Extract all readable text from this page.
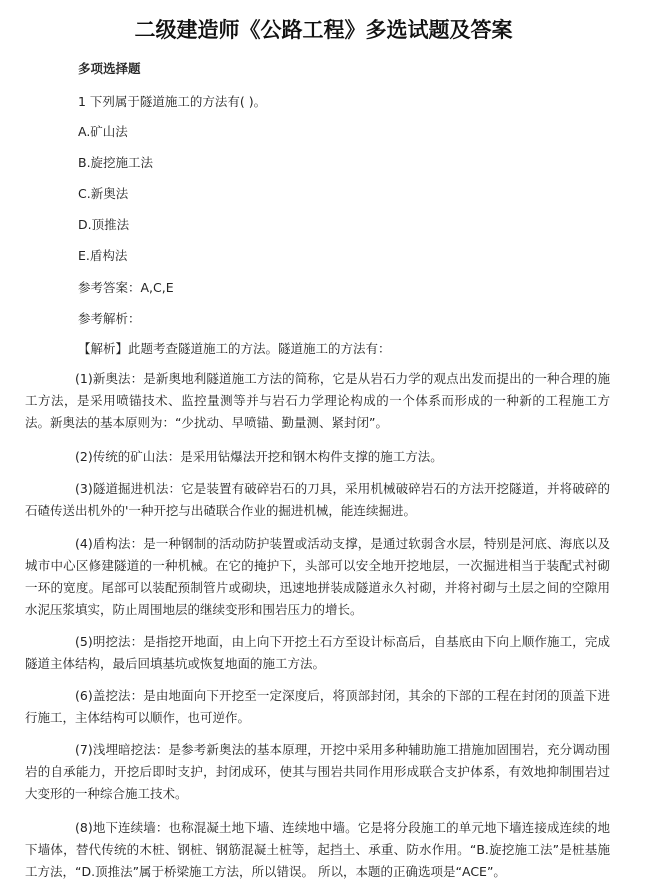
二级建造师《公路工程》多选试题及答案

多项选择题

1 下列属于隧道施工的方法有( )。

A.矿山法

B.旋挖施工法

C.新奥法

D.顶推法

E.盾构法

参考答案：A,C,E

参考解析：

【解析】此题考查隧道施工的方法。隧道施工的方法有：

(1)新奥法：是新奥地利隧道施工方法的简称，它是从岩石力学的观点出发而提出的一种合理的施工方法，是采用喷锚技术、监控量测等并与岩石力学理论构成的一个体系而形成的一种新的工程施工方法。新奥法的基本原则为：“少扰动、早喷锚、勤量测、紧封闭”。

(2)传统的矿山法：是采用钻爆法开挖和钢木构件支撑的施工方法。

(3)隧道掘进机法：它是装置有破碎岩石的刀具，采用机械破碎岩石的方法开挖隧道，并将破碎的石碴传送出机外的'一种开挖与出碴联合作业的掘进机械，能连续掘进。

(4)盾构法：是一种钢制的活动防护装置或活动支撑，是通过软弱含水层，特别是河底、海底以及城市中心区修建隧道的一种机械。在它的掩护下，头部可以安全地开挖地层，一次掘进相当于装配式衬砌一环的宽度。尾部可以装配预制管片或砌块，迅速地拼装成隧道永久衬砌，并将衬砌与土层之间的空隙用水泥压浆填实，防止周围地层的继续变形和围岩压力的增长。

(5)明挖法：是指挖开地面，由上向下开挖土石方至设计标高后，自基底由下向上顺作施工，完成隧道主体结构，最后回填基坑或恢复地面的施工方法。

(6)盖挖法：是由地面向下开挖至一定深度后，将顶部封闭，其余的下部的工程在封闭的顶盖下进行施工，主体结构可以顺作，也可逆作。

(7)浅埋暗挖法：是参考新奥法的基本原理，开挖中采用多种辅助施工措施加固围岩，充分调动围岩的自承能力，开挖后即时支护，封闭成环，使其与围岩共同作用形成联合支护体系，有效地抑制围岩过大变形的一种综合施工技术。

(8)地下连续墙：也称混凝土地下墙、连续地中墙。它是将分段施工的单元地下墙连接成连续的地下墙体，替代传统的木桩、钢桩、钢筋混凝土桩等，起挡土、承重、防水作用。“B.旋挖施工法”是桩基施工方法，“D.顶推法”属于桥梁施工方法，所以错误。 所以，本题的正确选项是“ACE”。
